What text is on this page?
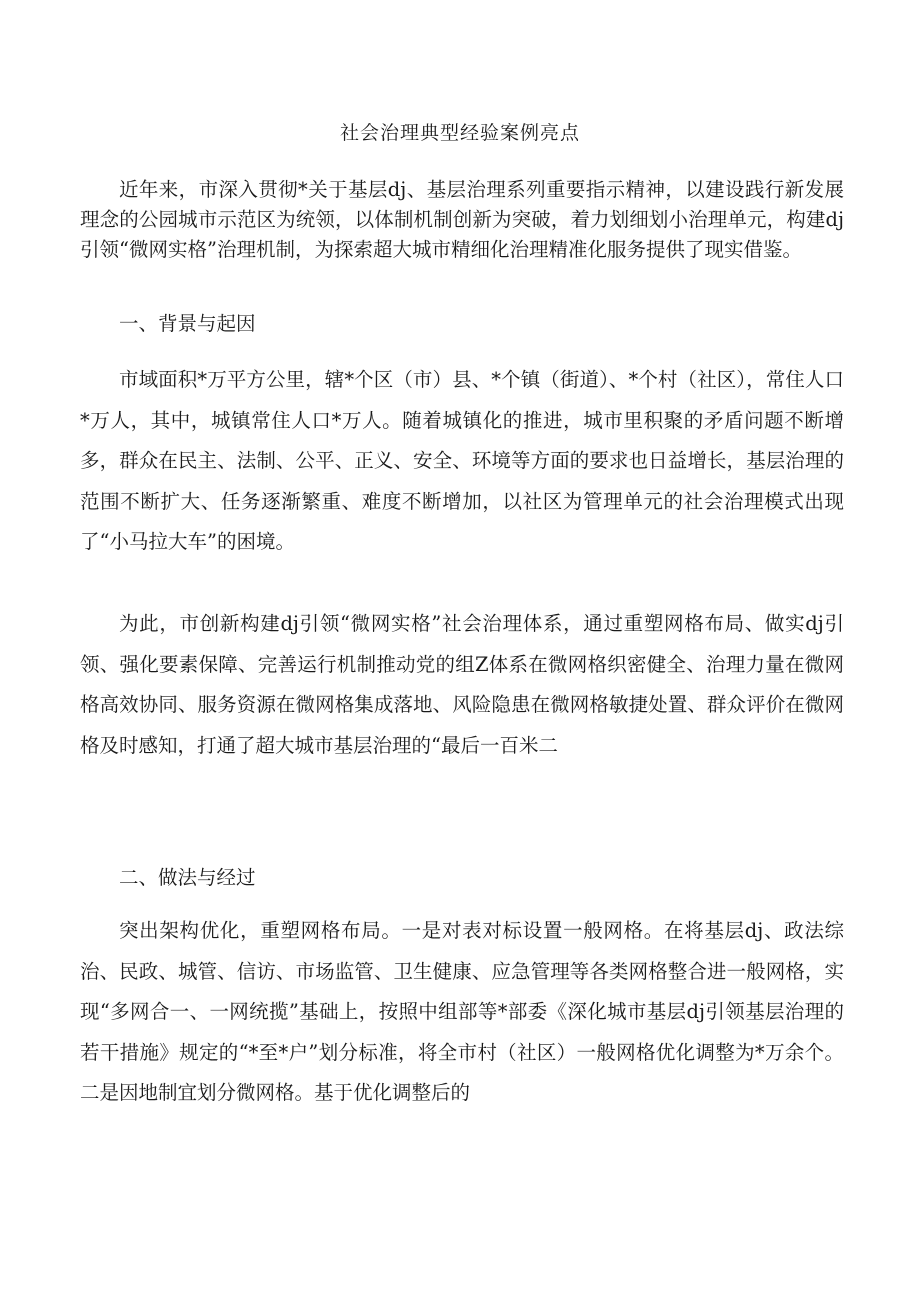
社会治理典型经验案例亮点

近年来，市深入贯彻*关于基层dj、基层治理系列重要指示精神，以建设践行新发展理念的公园城市示范区为统领，以体制机制创新为突破，着力划细划小治理单元，构建dj引领“微网实格”治理机制，为探索超大城市精细化治理精准化服务提供了现实借鉴。

一、背景与起因

市域面积*万平方公里，辖*个区（市）县、*个镇（街道）、*个村（社区），常住人口*万人，其中，城镇常住人口*万人。随着城镇化的推进，城市里积聚的矛盾问题不断增多，群众在民主、法制、公平、正义、安全、环境等方面的要求也日益增长，基层治理的范围不断扩大、任务逐渐繁重、难度不断增加，以社区为管理单元的社会治理模式出现了“小马拉大车”的困境。

为此，市创新构建dj引领“微网实格”社会治理体系，通过重塑网格布局、做实dj引领、强化要素保障、完善运行机制推动党的组Z体系在微网格织密健全、治理力量在微网格高效协同、服务资源在微网格集成落地、风险隐患在微网格敏捷处置、群众评价在微网格及时感知，打通了超大城市基层治理的“最后一百米二

二、做法与经过

突出架构优化，重塑网格布局。一是对表对标设置一般网格。在将基层dj、政法综治、民政、城管、信访、市场监管、卫生健康、应急管理等各类网格整合进一般网格，实现“多网合一、一网统揽”基础上，按照中组部等*部委《深化城市基层dj引领基层治理的若干措施》规定的“*至*户”划分标准，将全市村（社区）一般网格优化调整为*万余个。二是因地制宜划分微网格。基于优化调整后的
